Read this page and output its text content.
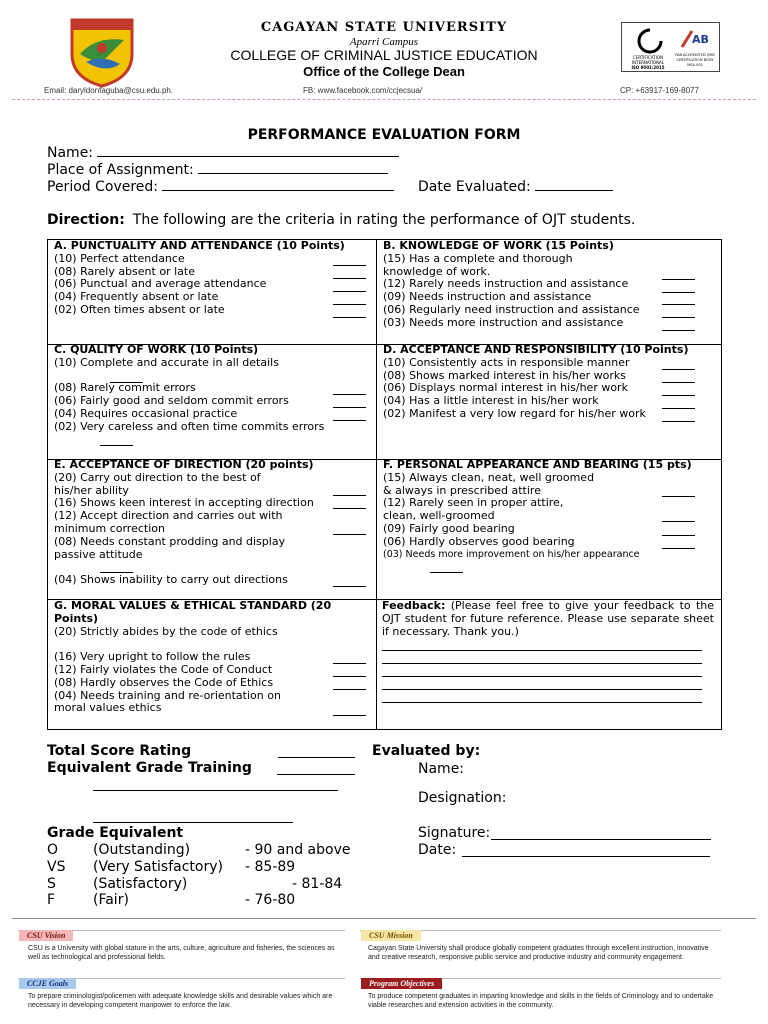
CAGAYAN STATE UNIVERSITY
Aparri Campus
COLLEGE OF CRIMINAL JUSTICE EDUCATION
Office of the College Dean
AB
CERTIFICATION INTERNATIONAL
ISO 9001:2015
PAB ACCREDITED QMS CERTIFICATION BODY MSA-001
Email: daryldonfaguba@csu.edu.ph.	FB: www.facebook.com/ccjecsua/	CP: +63917-169-8077
PERFORMANCE EVALUATION FORM
Name:
Place of Assignment:
Period Covered:	Date Evaluated:
Direction: The following are the criteria in rating the performance of OJT students.
A. PUNCTUALITY AND ATTENDANCE (10 Points)
(10) Perfect attendance
(08) Rarely absent or late
(06) Punctual and average attendance
(04) Frequently absent or late
(02) Often times absent or late
B. KNOWLEDGE OF WORK (15 Points)
(15) Has a complete and thorough
knowledge of work.
(12) Rarely needs instruction and assistance
(09) Needs instruction and assistance
(06) Regularly need instruction and assistance
(03) Needs more instruction and assistance
C. QUALITY OF WORK (10 Points)
(10) Complete and accurate in all details

(08) Rarely commit errors
(06) Fairly good and seldom commit errors
(04) Requires occasional practice
(02) Very careless and often time commits errors
D. ACCEPTANCE AND RESPONSIBILITY (10 Points)
(10) Consistently acts in responsible manner
(08) Shows marked interest in his/her works
(06) Displays normal interest in his/her work
(04) Has a little interest in his/her work
(02) Manifest a very low regard for his/her work
E. ACCEPTANCE OF DIRECTION (20 points)
(20) Carry out direction to the best of
his/her ability
(16) Shows keen interest in accepting direction
(12) Accept direction and carries out with
minimum correction
(08) Needs constant prodding and display
passive attitude

(04) Shows inability to carry out directions
F. PERSONAL APPEARANCE AND BEARING (15 pts)
(15) Always clean, neat, well groomed
& always in prescribed attire
(12) Rarely seen in proper attire,
clean, well-groomed
(09) Fairly good bearing
(06) Hardly observes good bearing
(03) Needs more improvement on his/her appearance
G. MORAL VALUES & ETHICAL STANDARD (20
Points)
(20) Strictly abides by the code of ethics

(16) Very upright to follow the rules
(12) Fairly violates the Code of Conduct
(08) Hardly observes the Code of Ethics
(04) Needs training and re-orientation on
moral values ethics
Feedback: (Please feel free to give your feedback to the OJT student for future reference. Please use separate sheet if necessary. Thank you.)
Total Score Rating
Equivalent Grade Training
Evaluated by:
Name:
Designation:
Signature:
Date:
Grade Equivalent
O (Outstanding)	- 90 and above
VS (Very Satisfactory) - 85-89
S	(Satisfactory)	- 81-84
F	(Fair)	- 76-80
CSU Vision
CSU is a University with global stature in the arts, culture, agriculture and fisheries, the sciences as well as technological and professional fields.
CSU Mission
Cagayan State University shall produce globally competent graduates through excellent instruction, innovative and creative research, responsive public service and productive industry and community engagement.
CCJE Goals
To prepare criminologist/policemen with adequate knowledge skills and desirable values which are necessary in developing competent manpower to enforce the law.
Program Objectives
To produce competent graduates in imparting knowledge and skills in the fields of Criminology and to undertake viable researches and extension activities in the community.
